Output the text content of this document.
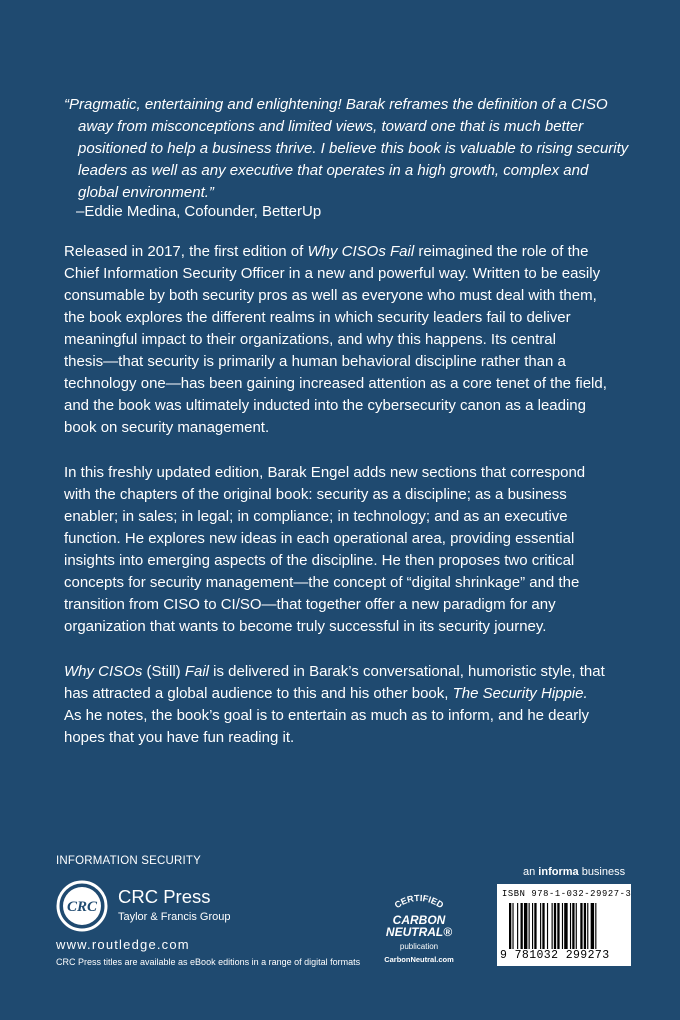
“Pragmatic, entertaining and enlightening! Barak reframes the definition of a CISO
away from misconceptions and limited views, toward one that is much better
positioned to help a business thrive. I believe this book is valuable to rising security
leaders as well as any executive that operates in a high growth, complex and
global environment.”
–Eddie Medina, Cofounder, BetterUp
Released in 2017, the first edition of Why CISOs Fail reimagined the role of the
Chief Information Security Officer in a new and powerful way. Written to be easily
consumable by both security pros as well as everyone who must deal with them,
the book explores the different realms in which security leaders fail to deliver
meaningful impact to their organizations, and why this happens. Its central
thesis—that security is primarily a human behavioral discipline rather than a
technology one—has been gaining increased attention as a core tenet of the field,
and the book was ultimately inducted into the cybersecurity canon as a leading
book on security management.
In this freshly updated edition, Barak Engel adds new sections that correspond
with the chapters of the original book: security as a discipline; as a business
enabler; in sales; in legal; in compliance; in technology; and as an executive
function. He explores new ideas in each operational area, providing essential
insights into emerging aspects of the discipline. He then proposes two critical
concepts for security management—the concept of “digital shrinkage” and the
transition from CISO to CI/SO—that together offer a new paradigm for any
organization that wants to become truly successful in its security journey.
Why CISOs (Still) Fail is delivered in Barak’s conversational, humoristic style, that
has attracted a global audience to this and his other book, The Security Hippie.
As he notes, the book’s goal is to entertain as much as to inform, and he dearly
hopes that you have fun reading it.
INFORMATION SECURITY
CRC CRC Press
Taylor & Francis Group
www.routledge.com
CRC Press titles are available as eBook editions in a range of digital formats
CERTIFIED
CARBON
NEUTRAL®
publication
CarbonNeutral.com
an informa business
ISBN 978-1-032-29927-3
9 781032 299273
